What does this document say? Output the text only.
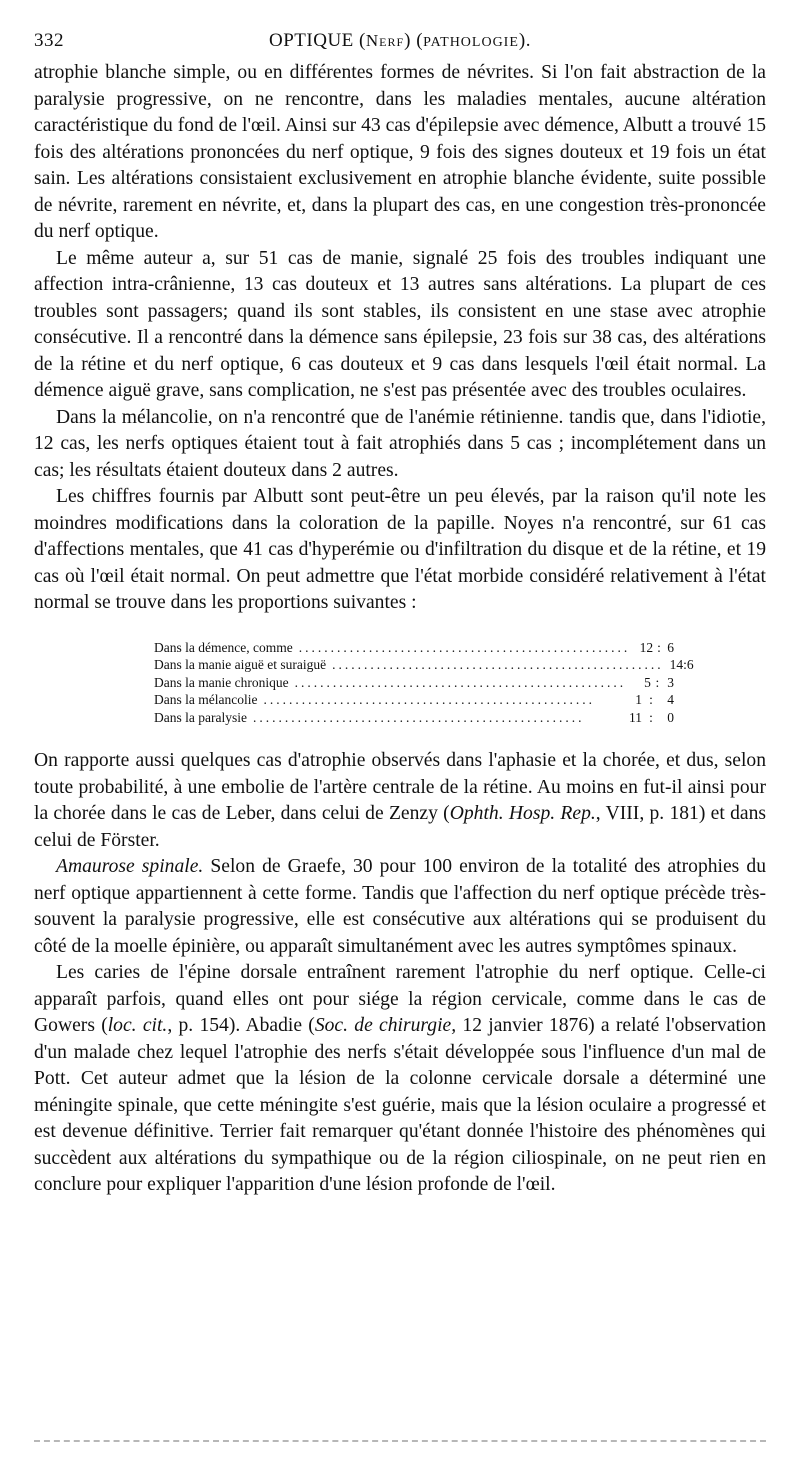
332	OPTIQUE (Nerf) (PATHOLOGIE).

atrophie blanche simple, ou en différentes formes de névrites. Si l'on fait abstraction de la paralysie progressive, on ne rencontre, dans les maladies mentales, aucune altération caractéristique du fond de l'œil. Ainsi sur 43 cas d'épilepsie avec démence, Albutt a trouvé 15 fois des altérations prononcées du nerf optique, 9 fois des signes douteux et 19 fois un état sain. Les altérations consistaient exclusivement en atrophie blanche évidente, suite possible de névrite, rarement en névrite, et, dans la plupart des cas, en une congestion très-prononcée du nerf optique.

Le même auteur a, sur 51 cas de manie, signalé 25 fois des troubles indiquant une affection intra-crânienne, 13 cas douteux et 13 autres sans altérations. La plupart de ces troubles sont passagers; quand ils sont stables, ils consistent en une stase avec atrophie consécutive. Il a rencontré dans la démence sans épilepsie, 23 fois sur 38 cas, des altérations de la rétine et du nerf optique, 6 cas douteux et 9 cas dans lesquels l'œil était normal. La démence aiguë grave, sans complication, ne s'est pas présentée avec des troubles oculaires.

Dans la mélancolie, on n'a rencontré que de l'anémie rétinienne. tandis que, dans l'idiotie, 12 cas, les nerfs optiques étaient tout à fait atrophiés dans 5 cas ; incomplétement dans un cas; les résultats étaient douteux dans 2 autres.

Les chiffres fournis par Albutt sont peut-être un peu élevés, par la raison qu'il note les moindres modifications dans la coloration de la papille. Noyes n'a rencontré, sur 61 cas d'affections mentales, que 41 cas d'hyperémie ou d'infiltration du disque et de la rétine, et 19 cas où l'œil était normal. On peut admettre que l'état morbide considéré relativement à l'état normal se trouve dans les proportions suivantes :

Dans la démence, comme .................................................... 12 : 6
Dans la manie aiguë et suraiguë .................................................... 14 : 6
Dans la manie chronique ....................................................	5 : 3
Dans la mélancolie ....................................................	1 :	4
Dans la paralysie ....................................................	11 :	0

On rapporte aussi quelques cas d'atrophie observés dans l'aphasie et la chorée, et dus, selon toute probabilité, à une embolie de l'artère centrale de la rétine. Au moins en fut-il ainsi pour la chorée dans le cas de Leber, dans celui de Zenzy (Ophth. Hosp. Rep., VIII, p. 181) et dans celui de Förster.

Amaurose spinale. Selon de Graefe, 30 pour 100 environ de la totalité des atrophies du nerf optique appartiennent à cette forme. Tandis que l'affection du nerf optique précède très-souvent la paralysie progressive, elle est consécutive aux altérations qui se produisent du côté de la moelle épinière, ou apparaît simultanément avec les autres symptômes spinaux.

Les caries de l'épine dorsale entraînent rarement l'atrophie du nerf optique. Celle-ci apparaît parfois, quand elles ont pour siége la région cervicale, comme dans le cas de Gowers (loc. cit., p. 154). Abadie (Soc. de chirurgie, 12 janvier 1876) a relaté l'observation d'un malade chez lequel l'atrophie des nerfs s'était développée sous l'influence d'un mal de Pott. Cet auteur admet que la lésion de la colonne cervicale dorsale a déterminé une méningite spinale, que cette méningite s'est guérie, mais que la lésion oculaire a progressé et est devenue définitive. Terrier fait remarquer qu'étant donnée l'histoire des phénomènes qui succèdent aux altérations du sympathique ou de la région ciliospinale, on ne peut rien en conclure pour expliquer l'apparition d'une lésion profonde de l'œil.
